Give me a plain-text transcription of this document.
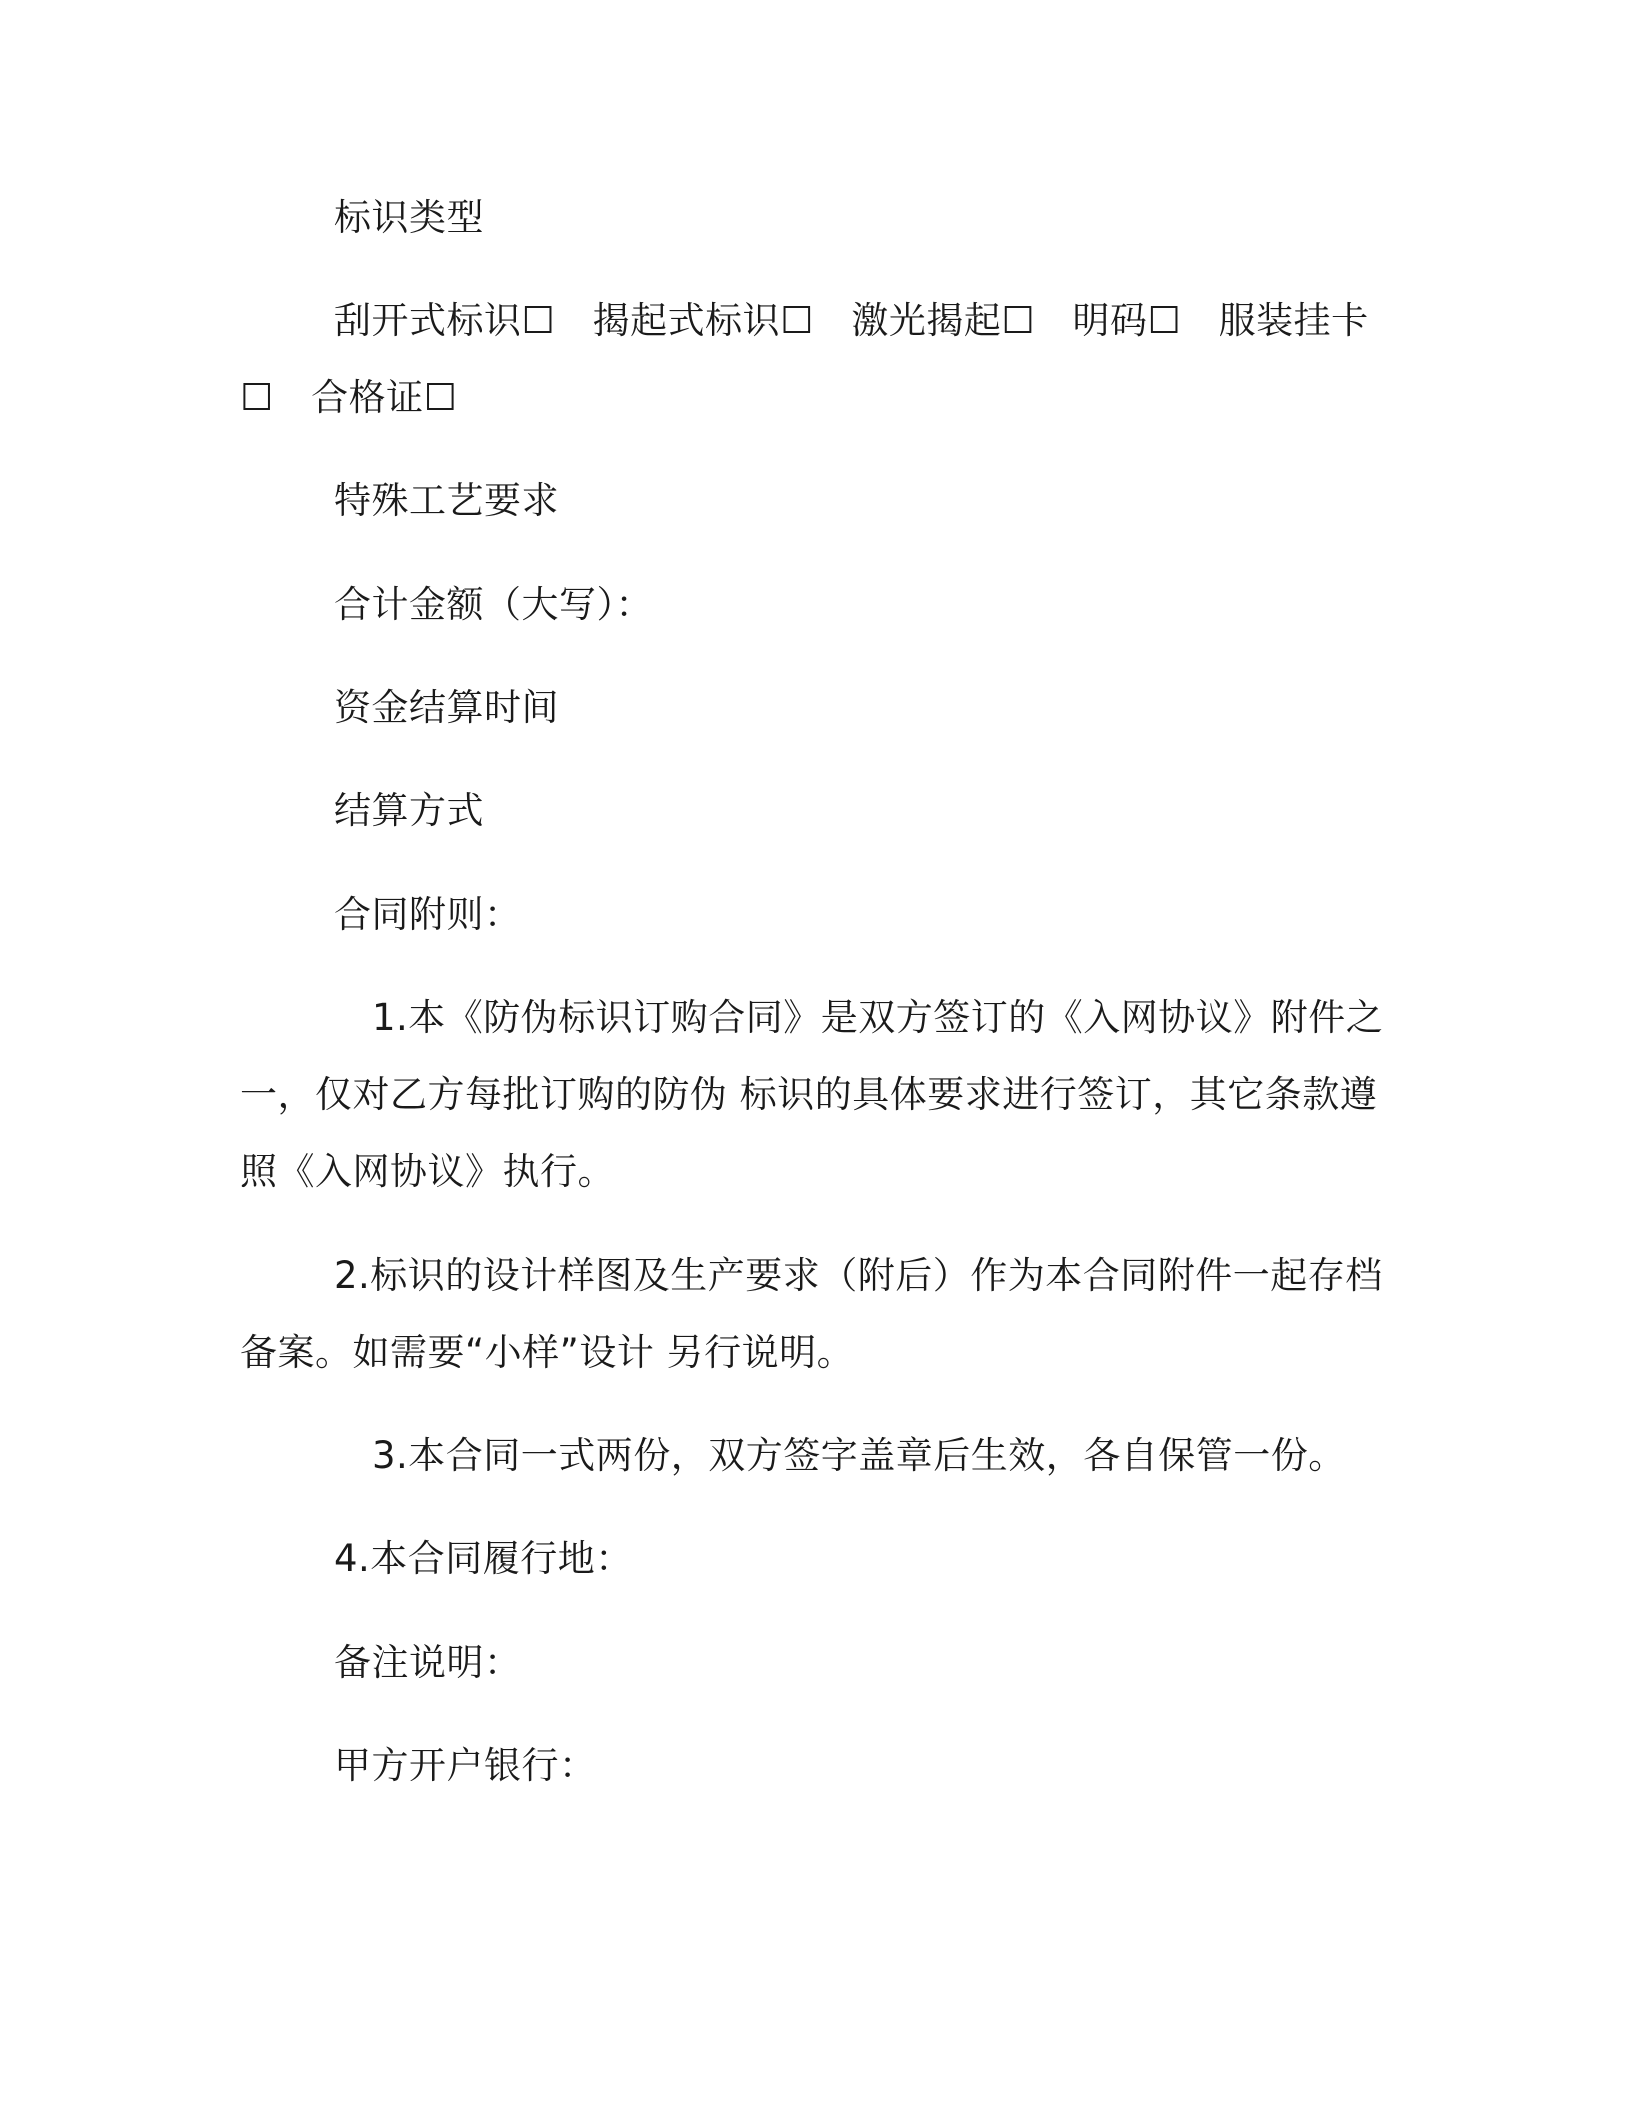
标识类型
刮开式标识☐　揭起式标识☐　激光揭起☐　明码☐　服装挂卡
☐　合格证☐
特殊工艺要求
合计金额（大写）：
资金结算时间
结算方式
合同附则：
1.本《防伪标识订购合同》是双方签订的《入网协议》附件之
一，仅对乙方每批订购的防伪 标识的具体要求进行签订，其它条款遵
照《入网协议》执行。
2.标识的设计样图及生产要求（附后）作为本合同附件一起存档
备案。如需要“小样”设计 另行说明。
3.本合同一式两份，双方签字盖章后生效，各自保管一份。
4.本合同履行地：
备注说明：
甲方开户银行：
